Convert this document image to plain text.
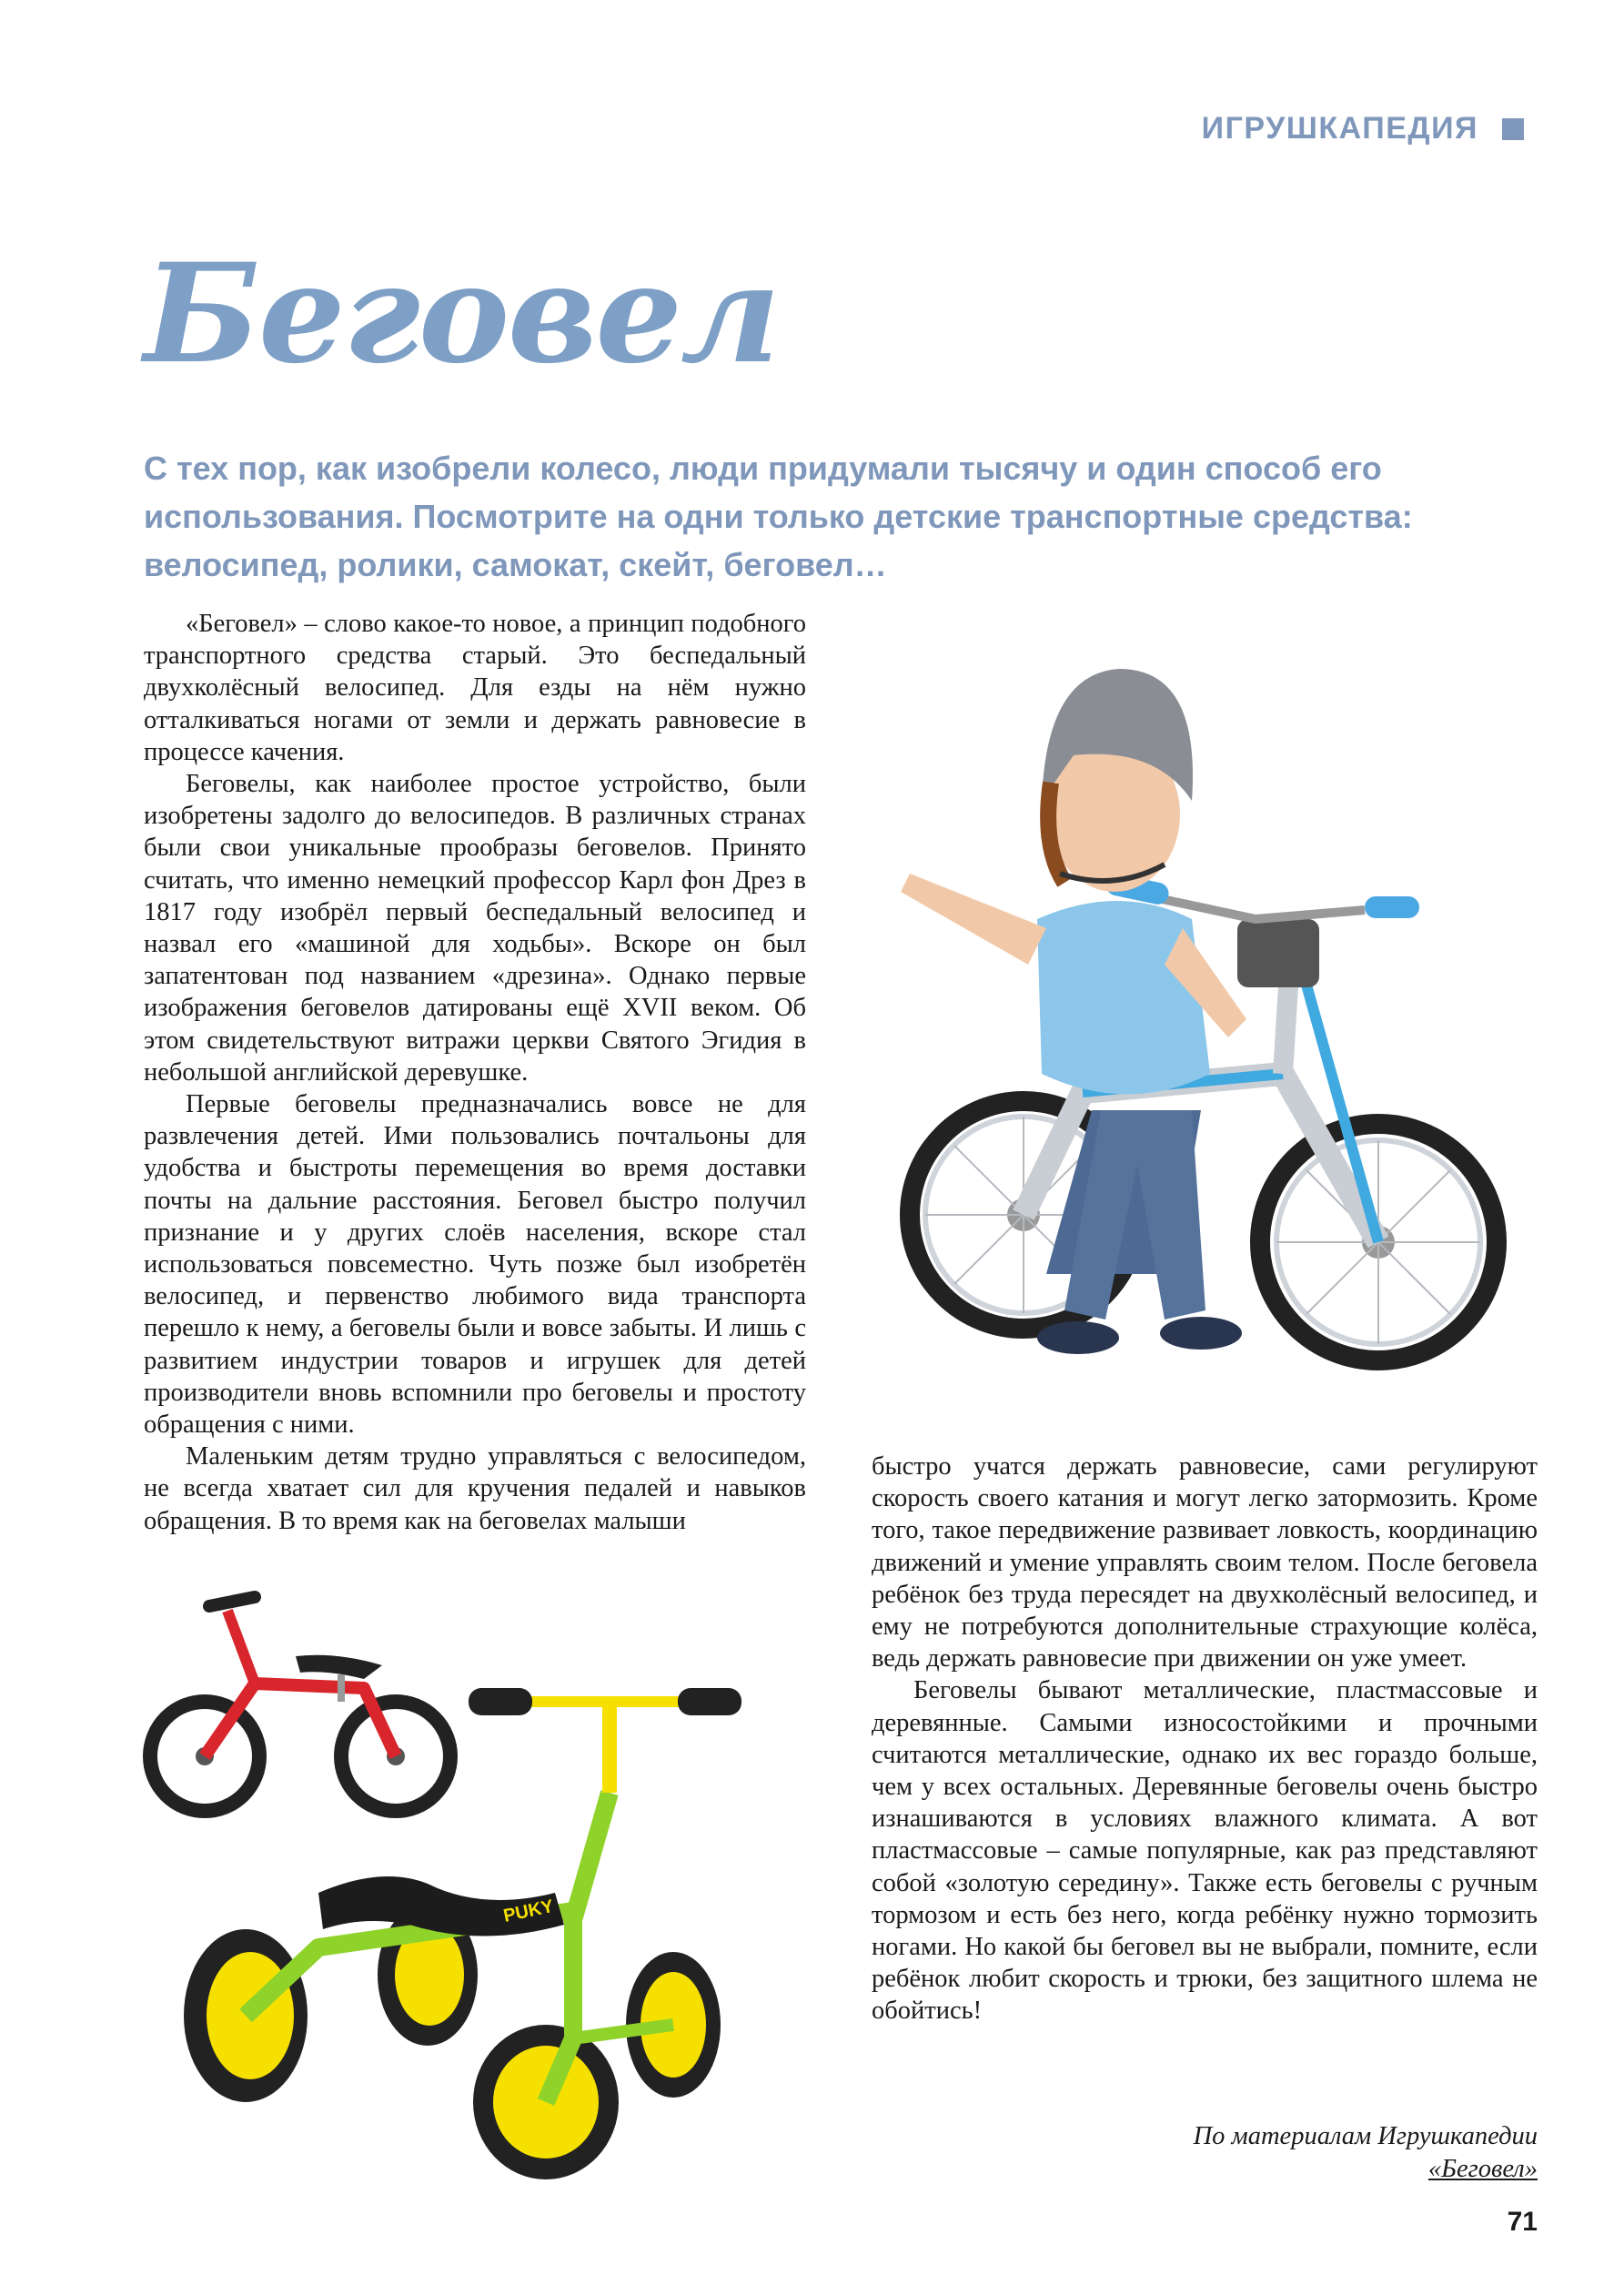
ИГРУШКАПЕДИЯ
Беговел
С тех пор, как изобрели колесо, люди придумали тысячу и один способ его использования. Посмотрите на одни только детские транспортные средства: велосипед, ролики, самокат, скейт, беговел…

«Беговел» – слово какое-то новое, а принцип подобного транспортного средства старый. Это беспедальный двухколёсный велосипед. Для езды на нём нужно отталкиваться ногами от земли и держать равновесие в процессе качения.

Беговелы, как наиболее простое устройство, были изобретены задолго до велосипедов. В различных странах были свои уникальные прообразы беговелов. Принято считать, что именно немецкий профессор Карл фон Дрез в 1817 году изобрёл первый беспедальный велосипед и назвал его «машиной для ходьбы». Вскоре он был запатентован под названием «дрезина». Однако первые изображения беговелов датированы ещё XVII веком. Об этом свидетельствуют витражи церкви Святого Эгидия в небольшой английской деревушке.

Первые беговелы предназначались вовсе не для развлечения детей. Ими пользовались почтальоны для удобства и быстроты перемещения во время доставки почты на дальние расстояния. Беговел быстро получил признание и у других слоёв населения, вскоре стал использоваться повсеместно. Чуть позже был изобретён велосипед, и первенство любимого вида транспорта перешло к нему, а беговелы были и вовсе забыты. И лишь с развитием индустрии товаров и игрушек для детей производители вновь вспомнили про беговелы и простоту обращения с ними.

Маленьким детям трудно управляться с велосипедом, не всегда хватает сил для кручения педалей и навыков обращения. В то время как на беговелах малыши

быстро учатся держать равновесие, сами регулируют скорость своего катания и могут легко затормозить. Кроме того, такое передвижение развивает ловкость, координацию движений и умение управлять своим телом. После беговела ребёнок без труда пересядет на двухколёсный велосипед, и ему не потребуются дополнительные страхующие колёса, ведь держать равновесие при движении он уже умеет.

Беговелы бывают металлические, пластмассовые и деревянные. Самыми износостойкими и прочными считаются металлические, однако их вес гораздо больше, чем у всех остальных. Деревянные беговелы очень быстро изнашиваются в условиях влажного климата. А вот пластмассовые – самые популярные, как раз представляют собой «золотую середину». Также есть беговелы с ручным тормозом и есть без него, когда ребёнку нужно тормозить ногами. Но какой бы беговел вы не выбрали, помните, если ребёнок любит скорость и трюки, без защитного шлема не обойтись!

PUKY
По материалам Игрушкапедии
«Беговел»
71
